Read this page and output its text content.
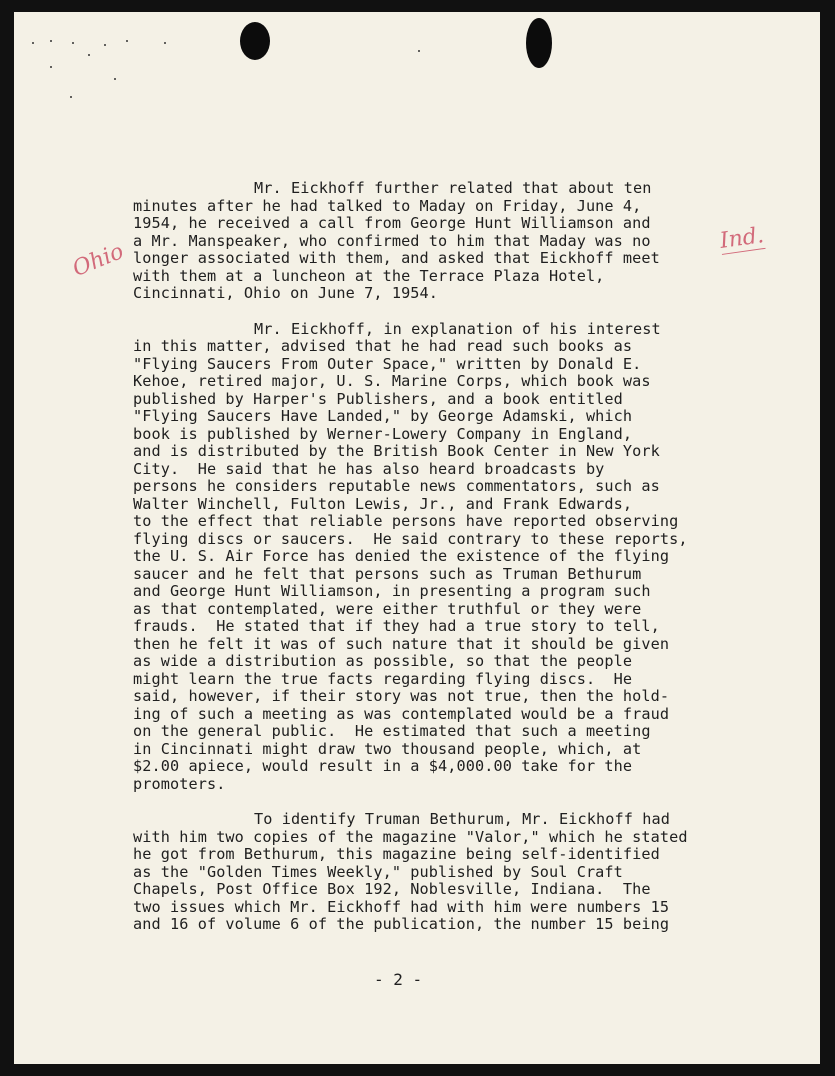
Ohio
Ind.
Mr. Eickhoff further related that about ten
minutes after he had talked to Maday on Friday, June 4,
1954, he received a call from George Hunt Williamson and
a Mr. Manspeaker, who confirmed to him that Maday was no
longer associated with them, and asked that Eickhoff meet
with them at a luncheon at the Terrace Plaza Hotel,
Cincinnati, Ohio on June 7, 1954.
Mr. Eickhoff, in explanation of his interest
in this matter, advised that he had read such books as
"Flying Saucers From Outer Space," written by Donald E.
Kehoe, retired major, U. S. Marine Corps, which book was
published by Harper's Publishers, and a book entitled
"Flying Saucers Have Landed," by George Adamski, which
book is published by Werner-Lowery Company in England,
and is distributed by the British Book Center in New York
City.  He said that he has also heard broadcasts by
persons he considers reputable news commentators, such as
Walter Winchell, Fulton Lewis, Jr., and Frank Edwards,
to the effect that reliable persons have reported observing
flying discs or saucers.  He said contrary to these reports,
the U. S. Air Force has denied the existence of the flying
saucer and he felt that persons such as Truman Bethurum
and George Hunt Williamson, in presenting a program such
as that contemplated, were either truthful or they were
frauds.  He stated that if they had a true story to tell,
then he felt it was of such nature that it should be given
as wide a distribution as possible, so that the people
might learn the true facts regarding flying discs.  He
said, however, if their story was not true, then the hold-
ing of such a meeting as was contemplated would be a fraud
on the general public.  He estimated that such a meeting
in Cincinnati might draw two thousand people, which, at
$2.00 apiece, would result in a $4,000.00 take for the
promoters.
To identify Truman Bethurum, Mr. Eickhoff had
with him two copies of the magazine "Valor," which he stated
he got from Bethurum, this magazine being self-identified
as the "Golden Times Weekly," published by Soul Craft
Chapels, Post Office Box 192, Noblesville, Indiana.  The
two issues which Mr. Eickhoff had with him were numbers 15
and 16 of volume 6 of the publication, the number 15 being
- 2 -
